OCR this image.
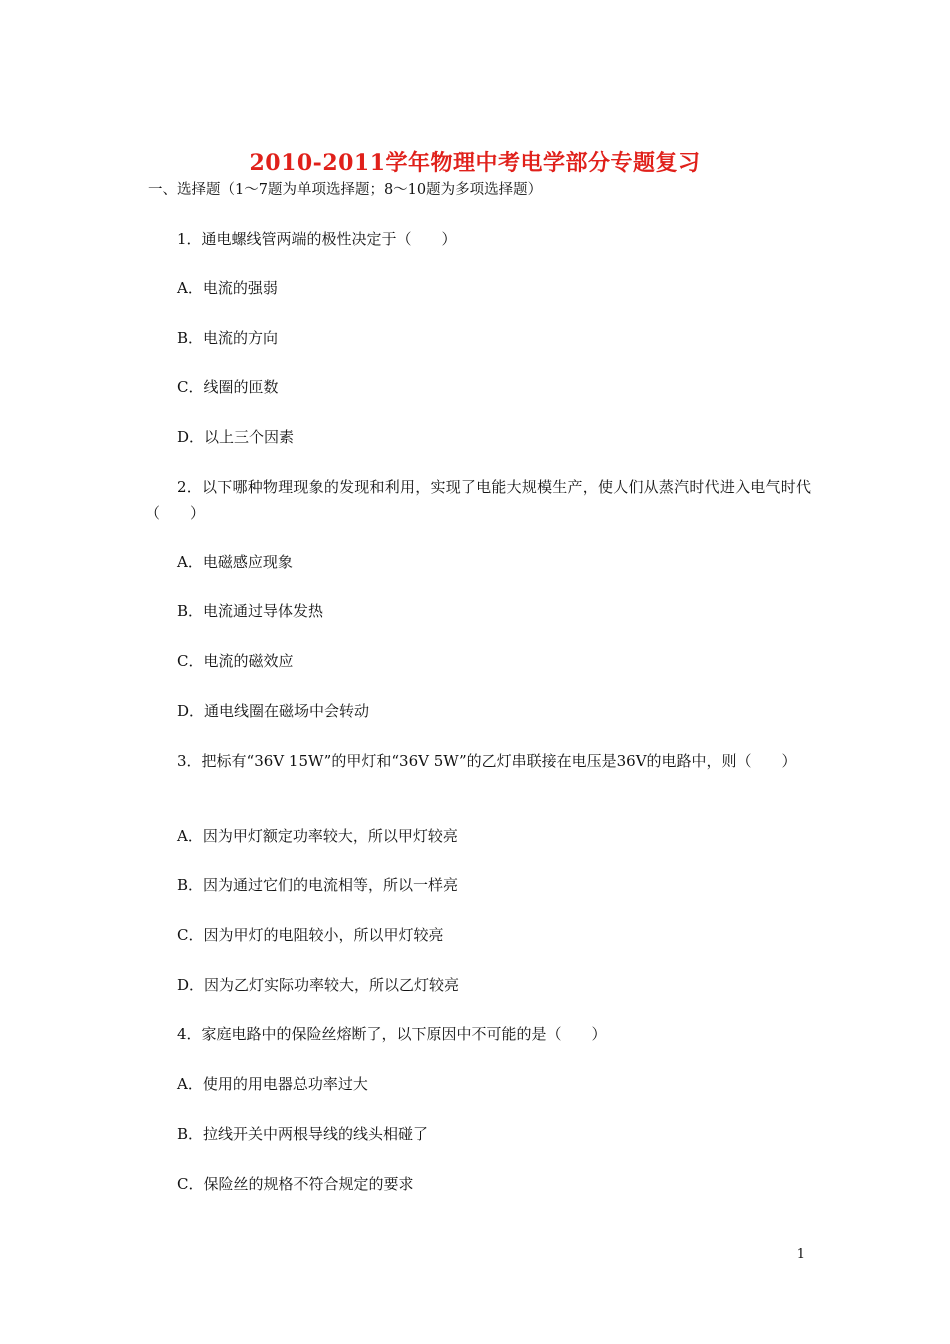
2010-2011学年物理中考电学部分专题复习
一、选择题（1～7题为单项选择题；8～10题为多项选择题）
1．通电螺线管两端的极性决定于（　　）
A．电流的强弱
B．电流的方向
C．线圈的匝数
D．以上三个因素
2．以下哪种物理现象的发现和利用，实现了电能大规模生产，使人们从蒸汽时代进入电气时代（　　）
A．电磁感应现象
B．电流通过导体发热
C．电流的磁效应
D．通电线圈在磁场中会转动
3．把标有“36V 15W”的甲灯和“36V 5W”的乙灯串联接在电压是36V的电路中，则（　　）
A．因为甲灯额定功率较大，所以甲灯较亮
B．因为通过它们的电流相等，所以一样亮
C．因为甲灯的电阻较小，所以甲灯较亮
D．因为乙灯实际功率较大，所以乙灯较亮
4．家庭电路中的保险丝熔断了，以下原因中不可能的是（　　）
A．使用的用电器总功率过大
B．拉线开关中两根导线的线头相碰了
C．保险丝的规格不符合规定的要求
1
